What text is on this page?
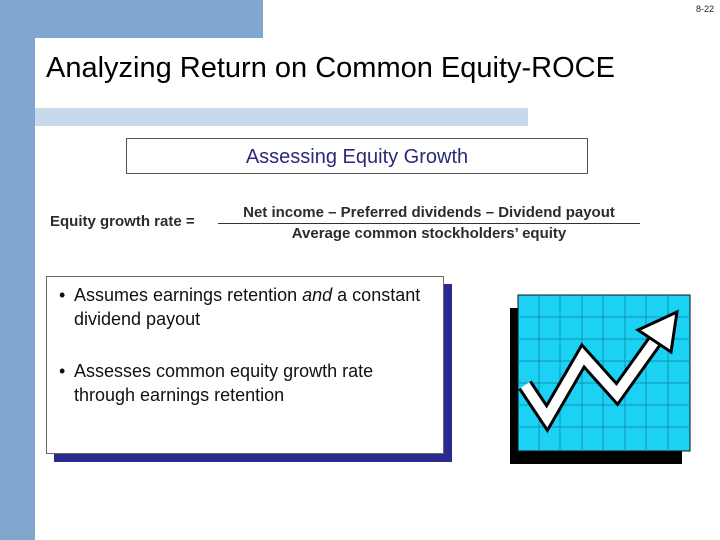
8-22
Analyzing Return on Common Equity-ROCE
Assessing Equity Growth
Equity growth rate =
Net income – Preferred dividends – Dividend payout
Average common stockholders’ equity
• Assumes earnings retention and a constant dividend payout
• Assesses common equity growth rate through earnings retention
